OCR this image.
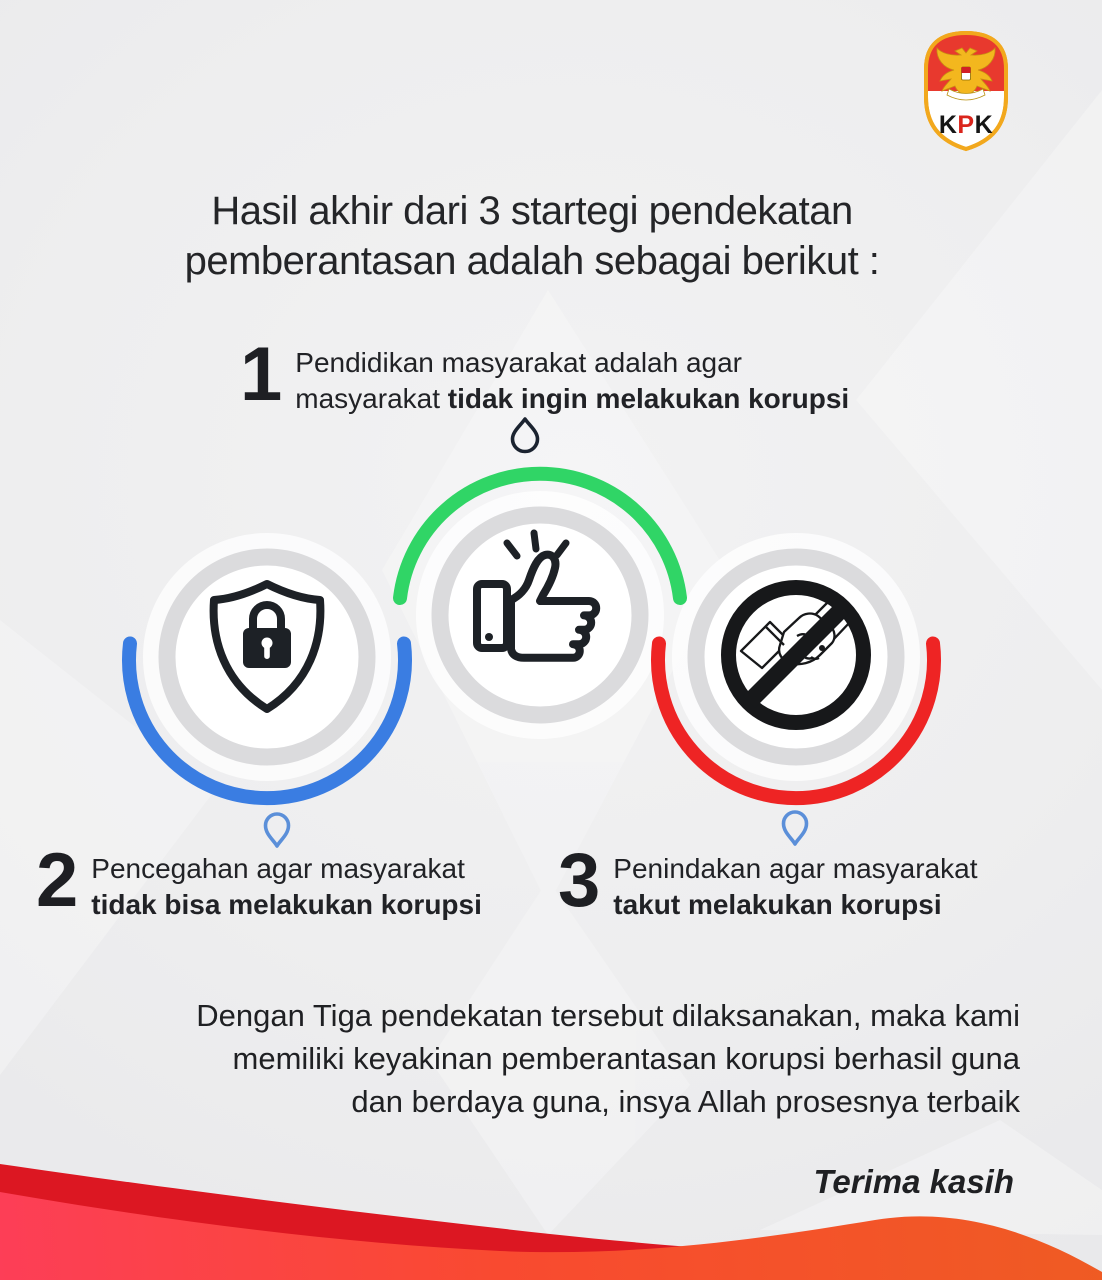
KPK
Hasil akhir dari 3 startegi pendekatan
pemberantasan adalah sebagai berikut :
1 Pendidikan masyarakat adalah agar
masyarakat tidak ingin melakukan korupsi
2 Pencegahan agar masyarakat
tidak bisa melakukan korupsi 3 Penindakan agar masyarakat
takut melakukan korupsi
Dengan Tiga pendekatan tersebut dilaksanakan, maka kami
memiliki keyakinan pemberantasan korupsi berhasil guna
dan berdaya guna, insya Allah prosesnya terbaik
Terima kasih
